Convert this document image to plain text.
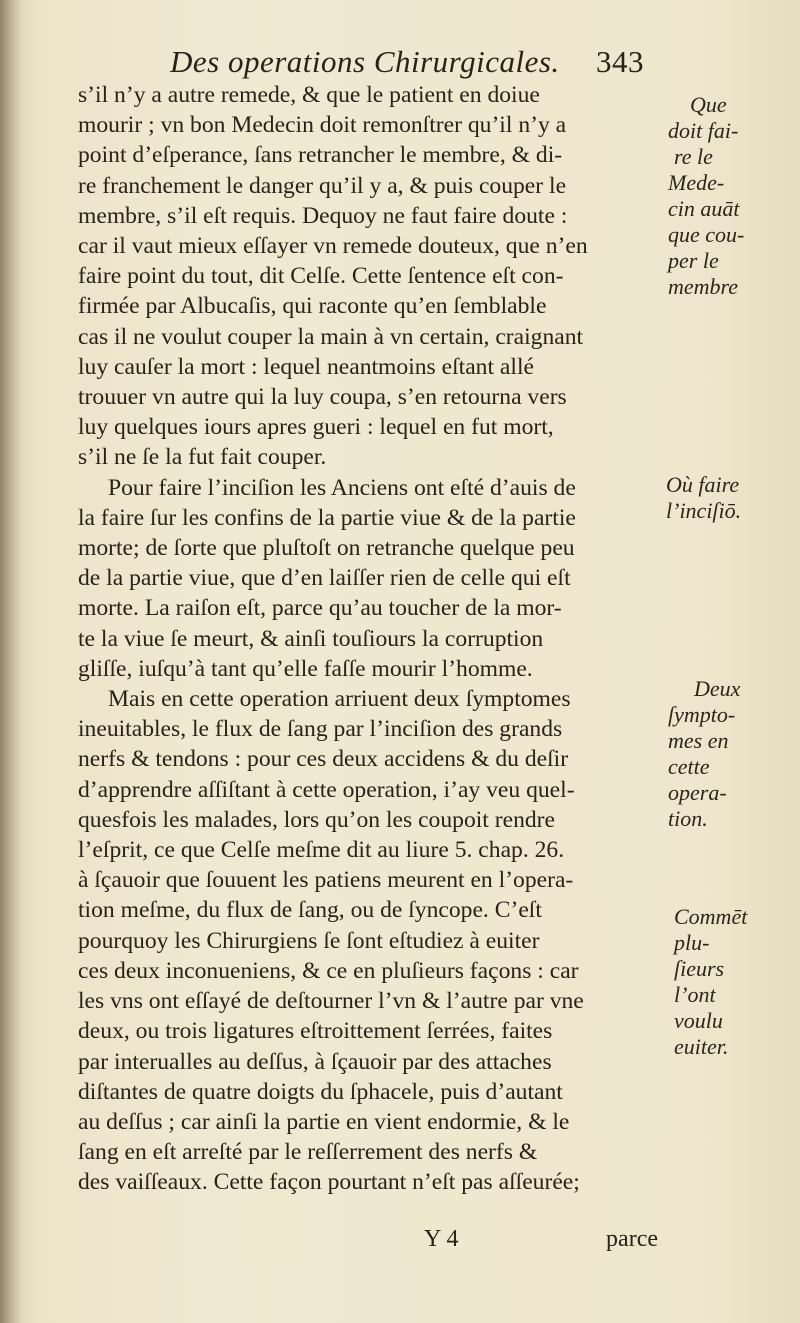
Des operations Chirurgicales. 343
s’il n’y a autre remede, & que le patient en doiue
mourir ; vn bon Medecin doit remonſtrer qu’il n’y a
point d’eſperance, ſans retrancher le membre, & di-
re franchement le danger qu’il y a, & puis couper le
membre, s’il eſt requis. Dequoy ne faut faire doute :
car il vaut mieux eſſayer vn remede douteux, que n’en
faire point du tout, dit Celſe. Cette ſentence eſt con-
firmée par Albucaſis, qui raconte qu’en ſemblable
cas il ne voulut couper la main à vn certain, craignant
luy cauſer la mort : lequel neantmoins eſtant allé
trouuer vn autre qui la luy coupa, s’en retourna vers
luy quelques iours apres gueri : lequel en fut mort,
s’il ne ſe la fut fait couper.
Pour faire l’inciſion les Anciens ont eſté d’auis de
la faire ſur les confins de la partie viue & de la partie
morte; de ſorte que pluſtoſt on retranche quelque peu
de la partie viue, que d’en laiſſer rien de celle qui eſt
morte. La raiſon eſt, parce qu’au toucher de la mor-
te la viue ſe meurt, & ainſi touſiours la corruption
gliſſe, iuſqu’à tant qu’elle faſſe mourir l’homme.
Mais en cette operation arriuent deux ſymptomes
ineuitables, le flux de ſang par l’inciſion des grands
nerfs & tendons : pour ces deux accidens & du deſir
d’apprendre aſſiſtant à cette operation, i’ay veu quel-
quesfois les malades, lors qu’on les coupoit rendre
l’eſprit, ce que Celſe meſme dit au liure 5. chap. 26.
à ſçauoir que ſouuent les patiens meurent en l’opera-
tion meſme, du flux de ſang, ou de ſyncope. C’eſt
pourquoy les Chirurgiens ſe ſont eſtudiez à euiter
ces deux inconueniens, & ce en pluſieurs façons : car
les vns ont eſſayé de deſtourner l’vn & l’autre par vne
deux, ou trois ligatures eſtroittement ſerrées, faites
par interualles au deſſus, à ſçauoir par des attaches
diſtantes de quatre doigts du ſphacele, puis d’autant
au deſſus ; car ainſi la partie en vient endormie, & le
ſang en eſt arreſté par le reſſerrement des nerfs &
des vaiſſeaux. Cette façon pourtant n’eſt pas aſſeurée;
Que
doit fai-
re le
Mede-
cin auāt
que cou-
per le
membre
Où faire
l’inciſiō.
Deux
ſympto-
mes en
cette
opera-
tion.
Commēt
plu-
ſieurs
l’ont
voulu
euiter.
Y 4	parce
